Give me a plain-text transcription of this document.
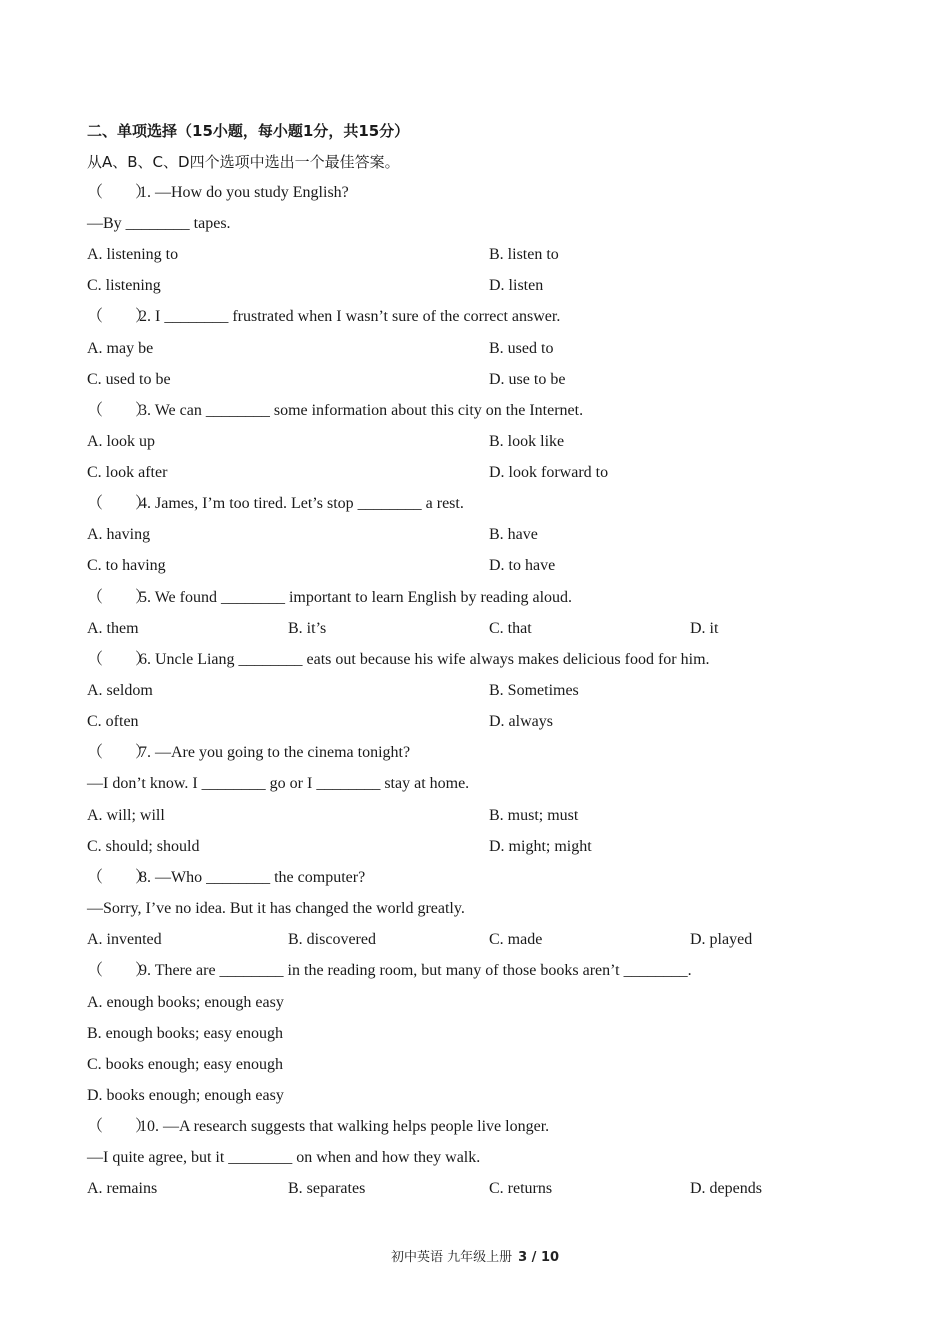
二、单项选择（15小题，每小题1分，共15分）
从A、B、C、D四个选项中选出一个最佳答案。
（　　）1. —How do you study English?
—By ________ tapes.
A. listening to	B. listen to
C. listening	D. listen
（　　）2. I ________ frustrated when I wasn’t sure of the correct answer.
A. may be	B. used to
C. used to be	D. use to be
（　　）3. We can ________ some information about this city on the Internet.
A. look up	B. look like
C. look after	D. look forward to
（　　）4. James, I’m too tired. Let’s stop ________ a rest.
A. having	B. have
C. to having	D. to have
（　　）5. We found ________ important to learn English by reading aloud.
A. them	B. it’s	C. that	D. it
（　　）6. Uncle Liang ________ eats out because his wife always makes delicious food for him.
A. seldom	B. Sometimes
C. often	D. always
（　　）7. —Are you going to the cinema tonight?
—I don’t know. I ________ go or I ________ stay at home.
A. will; will	B. must; must
C. should; should	D. might; might
（　　）8. —Who ________ the computer?
—Sorry, I’ve no idea. But it has changed the world greatly.
A. invented	B. discovered	C. made	D. played
（　　）9. There are ________ in the reading room, but many of those books aren’t ________.
A. enough books; enough easy
B. enough books; easy enough
C. books enough; easy enough
D. books enough; enough easy
（　　）10. —A research suggests that walking helps people live longer.
—I quite agree, but it ________ on when and how they walk.
A. remains	B. separates	C. returns	D. depends
初中英语 九年级上册 3 / 10
